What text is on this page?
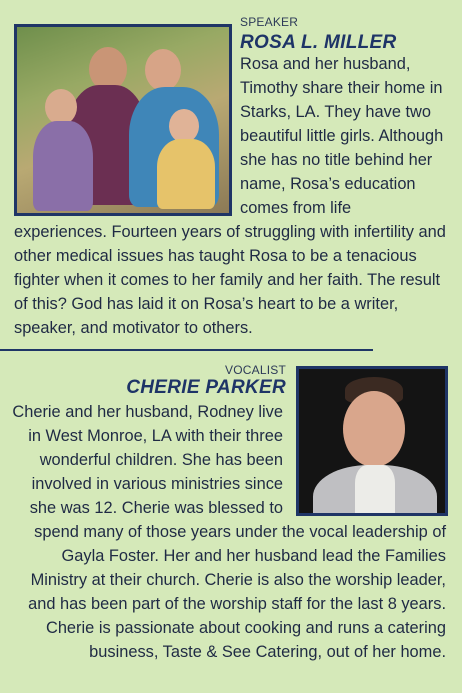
SPEAKER
ROSA L. MILLER
Rosa and her husband, Timothy share their home in Starks, LA. They have two beautiful little girls. Although she has no title behind her name, Rosa’s education comes from life
experiences. Fourteen years of struggling with infertility and other medical issues has taught Rosa to be a tenacious fighter when it comes to her family and her faith. The result of this? God has laid it on Rosa’s heart to be a writer, speaker, and motivator to others.
VOCALIST
CHERIE PARKER
Cherie and her husband, Rodney live in West Monroe, LA with their three wonderful children. She has been involved in various ministries since she was 12. Cherie was blessed to
spend many of those years under the vocal leadership of Gayla Foster. Her and her husband lead the Families Ministry at their church. Cherie is also the worship leader, and has been part of the worship staff for the last 8 years. Cherie is passionate about cooking and runs a catering business, Taste & See Catering, out of her home.
